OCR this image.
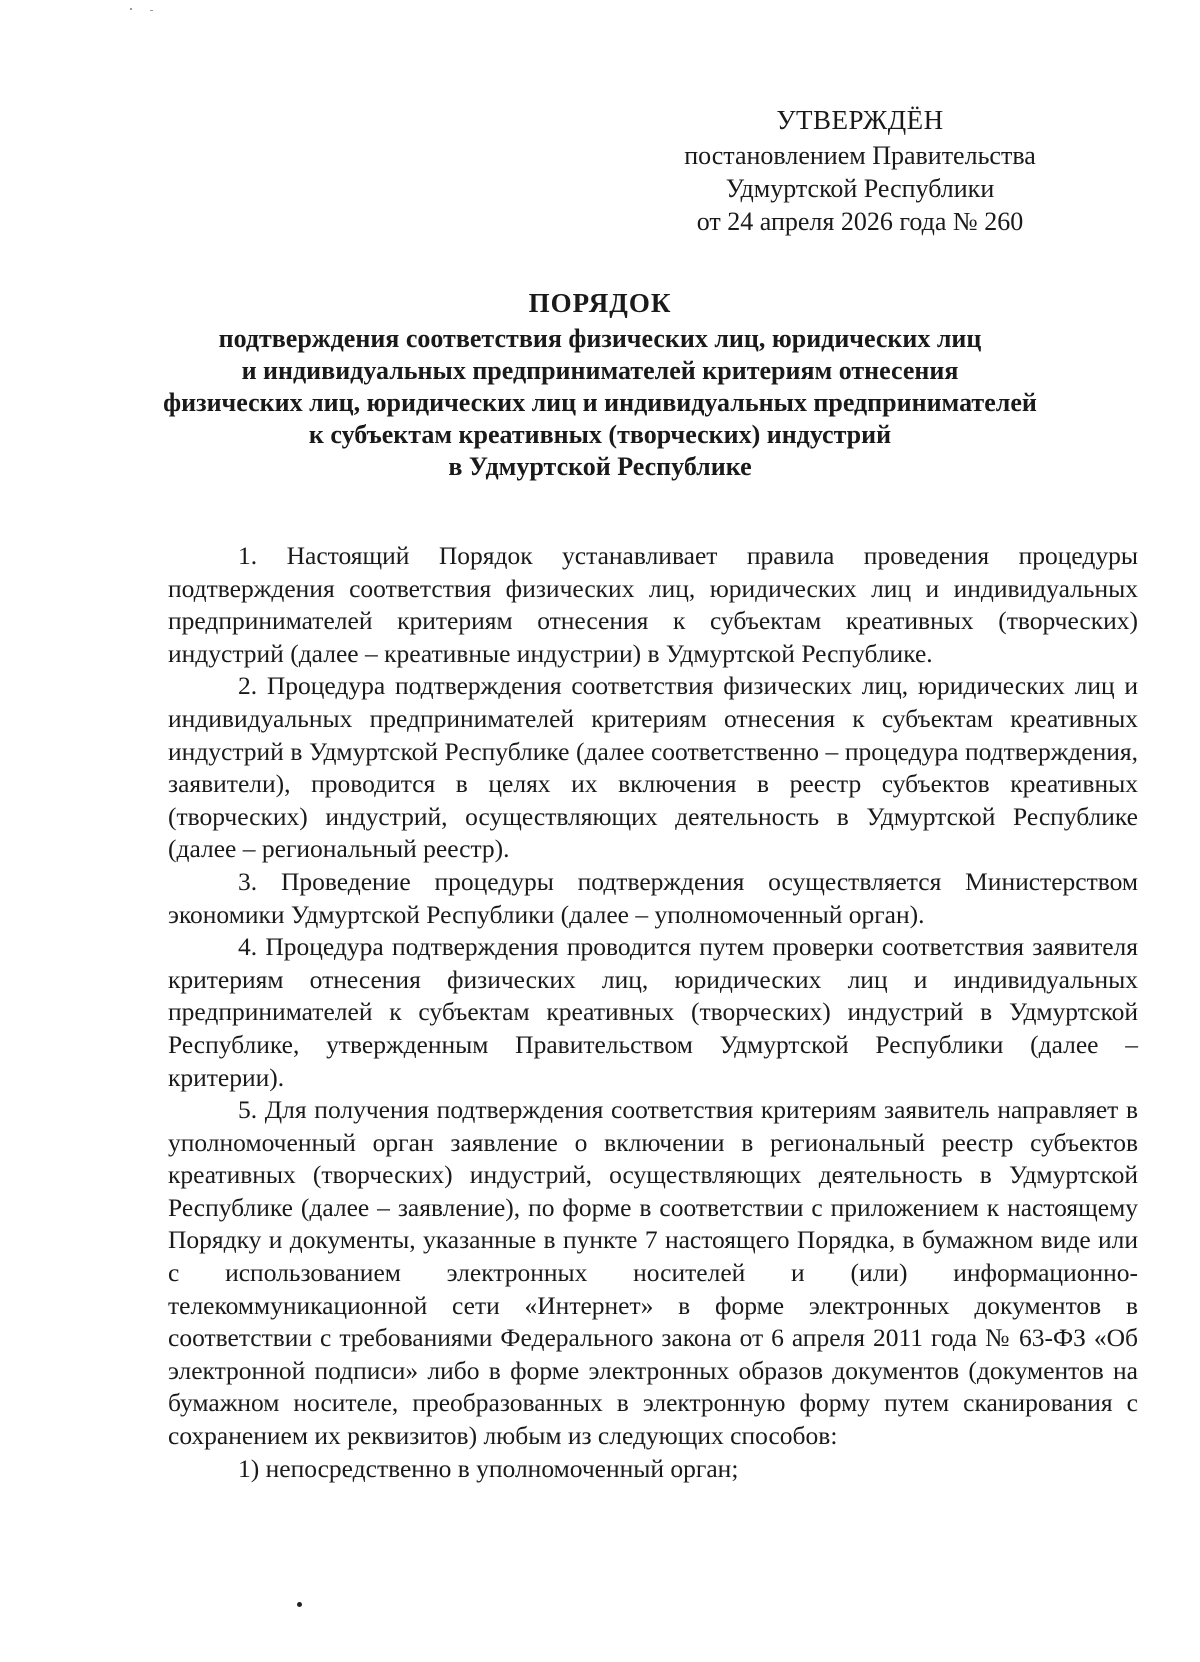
УТВЕРЖДЁН
постановлением Правительства
Удмуртской Республики
от 24 апреля 2026 года № 260
ПОРЯДОК
подтверждения соответствия физических лиц, юридических лиц
и индивидуальных предпринимателей критериям отнесения
физических лиц, юридических лиц и индивидуальных предпринимателей
к субъектам креативных (творческих) индустрий
в Удмуртской Республике

1. Настоящий Порядок устанавливает правила проведения процедуры подтверждения соответствия физических лиц, юридических лиц и индивидуальных предпринимателей критериям отнесения к субъектам креативных (творческих) индустрий (далее – креативные индустрии) в Удмуртской Республике.

2. Процедура подтверждения соответствия физических лиц, юридических лиц и индивидуальных предпринимателей критериям отнесения к субъектам креативных индустрий в Удмуртской Республике (далее соответственно – процедура подтверждения, заявители), проводится в целях их включения в реестр субъектов креативных (творческих) индустрий, осуществляющих деятельность в Удмуртской Республике (далее – региональный реестр).

3. Проведение процедуры подтверждения осуществляется Министерством экономики Удмуртской Республики (далее – уполномоченный орган).

4. Процедура подтверждения проводится путем проверки соответствия заявителя критериям отнесения физических лиц, юридических лиц и индивидуальных предпринимателей к субъектам креативных (творческих) индустрий в Удмуртской Республике, утвержденным Правительством Удмуртской Республики (далее – критерии).

5. Для получения подтверждения соответствия критериям заявитель направляет в уполномоченный орган заявление о включении в региональный реестр субъектов креативных (творческих) индустрий, осуществляющих деятельность в Удмуртской Республике (далее – заявление), по форме в соответствии с приложением к настоящему Порядку и документы, указанные в пункте 7 настоящего Порядка, в бумажном виде или с использованием электронных носителей и (или) информационно-телекоммуникационной сети «Интернет» в форме электронных документов в соответствии с требованиями Федерального закона от 6 апреля 2011 года № 63-ФЗ «Об электронной подписи» либо в форме электронных образов документов (документов на бумажном носителе, преобразованных в электронную форму путем сканирования с сохранением их реквизитов) любым из следующих способов:

1) непосредственно в уполномоченный орган;
